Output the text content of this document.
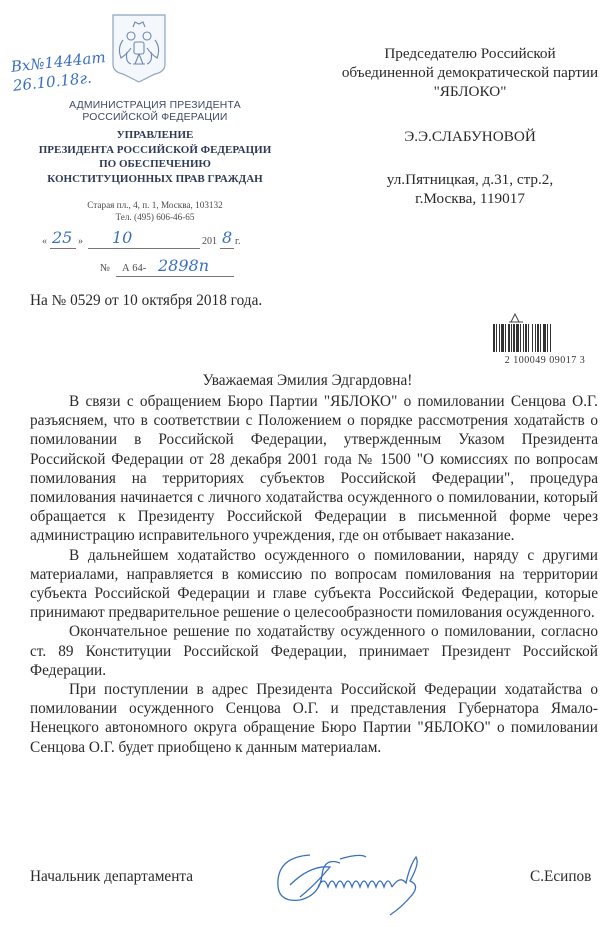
Вх№1444ат
26.10.18г.
АДМИНИСТРАЦИЯ ПРЕЗИДЕНТА
РОССИЙСКОЙ ФЕДЕРАЦИИ
УПРАВЛЕНИЕ
ПРЕЗИДЕНТА РОССИЙСКОЙ ФЕДЕРАЦИИ
ПО ОБЕСПЕЧЕНИЮ
КОНСТИТУЦИОННЫХ ПРАВ ГРАЖДАН
Старая пл., 4, п. 1, Москва, 103132
Тел. (495) 606-46-65
« 25 » 10	201 8 г.
№ А 64- 2898п
Председателю Российской
объединенной демократической партии
"ЯБЛОКО"
Э.Э.СЛАБУНОВОЙ
ул.Пятницкая, д.31, стр.2,
г.Москва, 119017
На № 0529 от 10 октября 2018 года.
2 100049 09017 3
Уважаемая Эмилия Эдгардовна!

В связи с обращением Бюро Партии "ЯБЛОКО" о помиловании Сенцова О.Г. разъясняем, что в соответствии с Положением о порядке рассмотрения ходатайств о помиловании в Российской Федерации, утвержденным Указом Президента Российской Федерации от 28 декабря 2001 года № 1500 "О комиссиях по вопросам помилования на территориях субъектов Российской Федерации", процедура помилования начинается с личного ходатайства осужденного о помиловании, который обращается к Президенту Российской Федерации в письменной форме через администрацию исправительного учреждения, где он отбывает наказание.

В дальнейшем ходатайство осужденного о помиловании, наряду с другими материалами, направляется в комиссию по вопросам помилования на территории субъекта Российской Федерации и главе субъекта Российской Федерации, которые принимают предварительное решение о целесообразности помилования осужденного.

Окончательное решение по ходатайству осужденного о помиловании, согласно ст. 89 Конституции Российской Федерации, принимает Президент Российской Федерации.

При поступлении в адрес Президента Российской Федерации ходатайства о помиловании осужденного Сенцова О.Г. и представления Губернатора Ямало-Ненецкого автономного округа обращение Бюро Партии "ЯБЛОКО" о помиловании Сенцова О.Г. будет приобщено к данным материалам.

Начальник департамента	С.Есипов
